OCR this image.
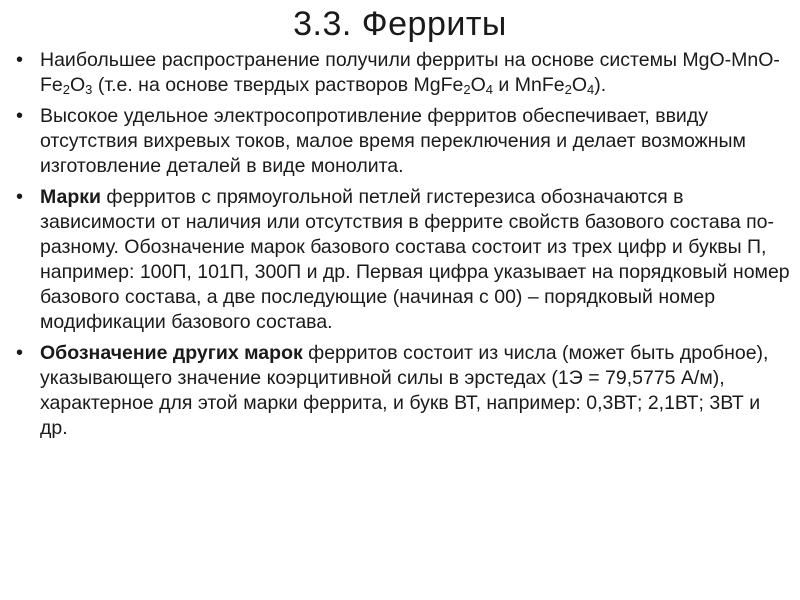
3.3. Ферриты
• Наибольшее распространение получили ферриты на основе системы MgO-$MnO-Fe_2O_3$ (т.е. на основе твердых растворов $MgFe_2O_4$ и $MnFe_2O_4$).
• Высокое удельное электросопротивление ферритов обеспечивает, ввиду отсутствия вихревых токов, малое время переключения и делает возможным изготовление деталей в виде монолита.
• Марки ферритов с прямоугольной петлей гистерезиса обозначаются в зависимости от наличия или отсутствия в феррите свойств базового состава по-разному. Обозначение марок базового состава состоит из трех цифр и буквы П, например: 100П, 101П, 300П и др. Первая цифра указывает на порядковый номер базового состава, а две последующие (начиная с 00) – порядковый номер модификации базового состава.
• Обозначение других марок ферритов состоит из числа (может быть дробное), указывающего значение коэрцитивной силы в эрстедах (1Э = 79,5775 А/м), характерное для этой марки феррита, и букв ВТ, например: 0,3ВТ; 2,1ВТ; 3ВТ и др.
